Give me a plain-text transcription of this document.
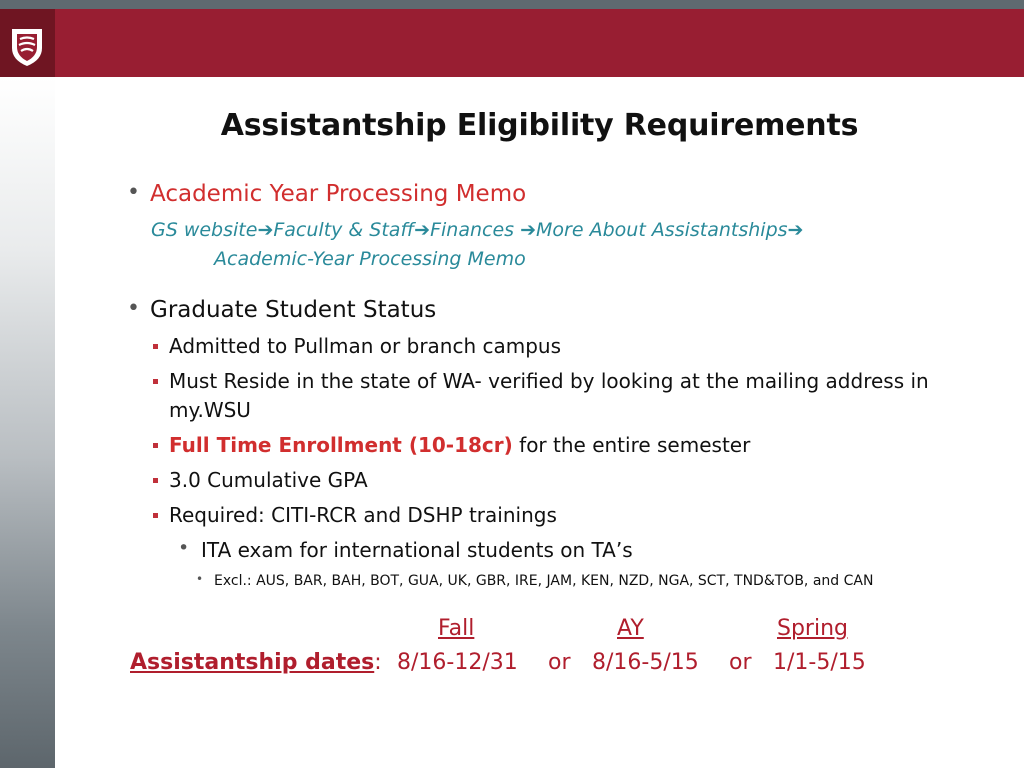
Assistantship Eligibility Requirements
• Academic Year Processing Memo
GS website➔Faculty & Staff➔Finances ➔More About Assistantships➔
Academic-Year Processing Memo
• Graduate Student Status
Admitted to Pullman or branch campus
Must Reside in the state of WA- verified by looking at the mailing address in
my.WSU
Full Time Enrollment (10-18cr) for the entire semester
3.0 Cumulative GPA
Required: CITI-RCR and DSHP trainings
• ITA exam for international students on TA’s
• Excl.: AUS, BAR, BAH, BOT, GUA, UK, GBR, IRE, JAM, KEN, NZD, NGA, SCT, TND&TOB, and CAN
Fall	AY	Spring
Assistantship dates: 8/16-12/31 or 8/16-5/15 or 1/1-5/15
